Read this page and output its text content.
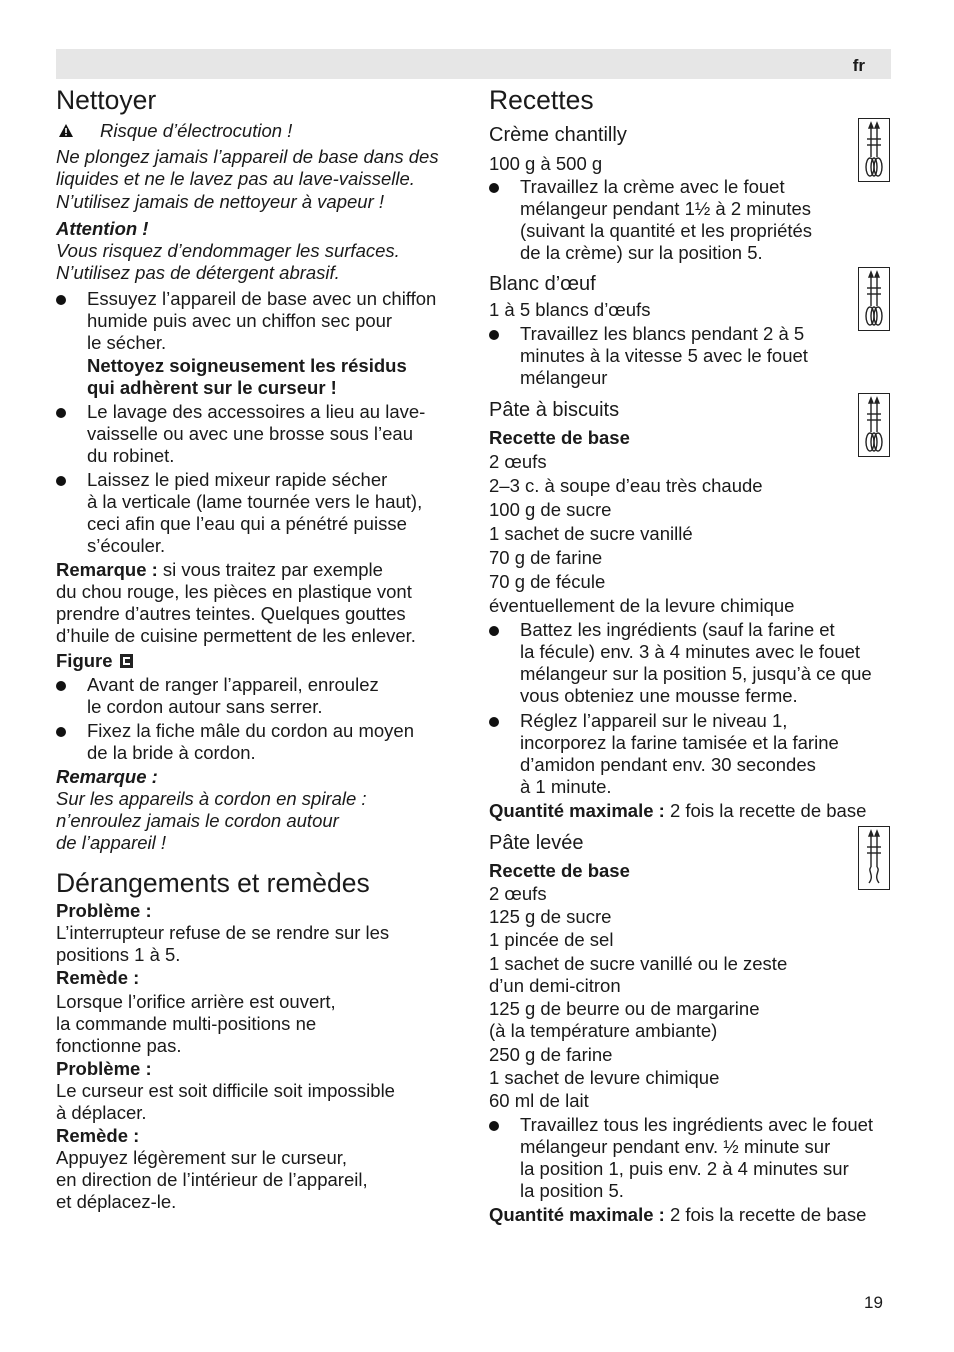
fr
Nettoyer
Risque d’électrocution !

Ne plongez jamais l’appareil de base dans des

liquides et ne le lavez pas au lave-vaisselle.

N’utilisez jamais de nettoyeur à vapeur !

Attention !

Vous risquez d’endommager les surfaces.

N’utilisez pas de détergent abrasif.

Essuyez l’appareil de base avec un chiffon

humide puis avec un chiffon sec pour

le sécher.

Nettoyez soigneusement les résidus

qui adhèrent sur le curseur !

Le lavage des accessoires a lieu au lave-

vaisselle ou avec une brosse sous l’eau

du robinet.

Laissez le pied mixeur rapide sécher

à la verticale (lame tournée vers le haut),

ceci afin que l’eau qui a pénétré puisse

s’écouler.

Remarque : si vous traitez par exemple

du chou rouge, les pièces en plastique vont

prendre d’autres teintes. Quelques gouttes

d’huile de cuisine permettent de les enlever.

Figure

Avant de ranger l’appareil, enroulez

le cordon autour sans serrer.

Fixez la fiche mâle du cordon au moyen

de la bride à cordon.

Remarque :

Sur les appareils à cordon en spirale :

n’enroulez jamais le cordon autour

de l’appareil !

Dérangements et remèdes

Problème :

L’interrupteur refuse de se rendre sur les

positions 1 à 5.

Remède :

Lorsque l’orifice arrière est ouvert,

la commande multi-positions ne

fonctionne pas.

Problème :

Le curseur est soit difficile soit impossible

à déplacer.

Remède :

Appuyez légèrement sur le curseur,

en direction de l’intérieur de l’appareil,

et déplacez-le.

Recettes
Crème chantilly

100 g à 500 g

Travaillez la crème avec le fouet

mélangeur pendant 1½ à 2 minutes

(suivant la quantité et les propriétés

de la crème) sur la position 5.

Blanc d’œuf

1 à 5 blancs d’œufs

Travaillez les blancs pendant 2 à 5

minutes à la vitesse 5 avec le fouet

mélangeur

Pâte à biscuits

Recette de base

2 œufs

2–3 c. à soupe d’eau très chaude

100 g de sucre

1 sachet de sucre vanillé

70 g de farine

70 g de fécule

éventuellement de la levure chimique

Battez les ingrédients (sauf la farine et

la fécule) env. 3 à 4 minutes avec le fouet

mélangeur sur la position 5, jusqu’à ce que

vous obteniez une mousse ferme.

Réglez l’appareil sur le niveau 1,

incorporez la farine tamisée et la farine

d’amidon pendant env. 30 secondes

à 1 minute.

Quantité maximale : 2 fois la recette de base

Pâte levée

Recette de base

2 œufs

125 g de sucre

1 pincée de sel

1 sachet de sucre vanillé ou le zeste

d’un demi-citron

125 g de beurre ou de margarine

(à la température ambiante)

250 g de farine

1 sachet de levure chimique

60 ml de lait

Travaillez tous les ingrédients avec le fouet

mélangeur pendant env. ½ minute sur

la position 1, puis env. 2 à 4 minutes sur

la position 5.

Quantité maximale : 2 fois la recette de base

19
